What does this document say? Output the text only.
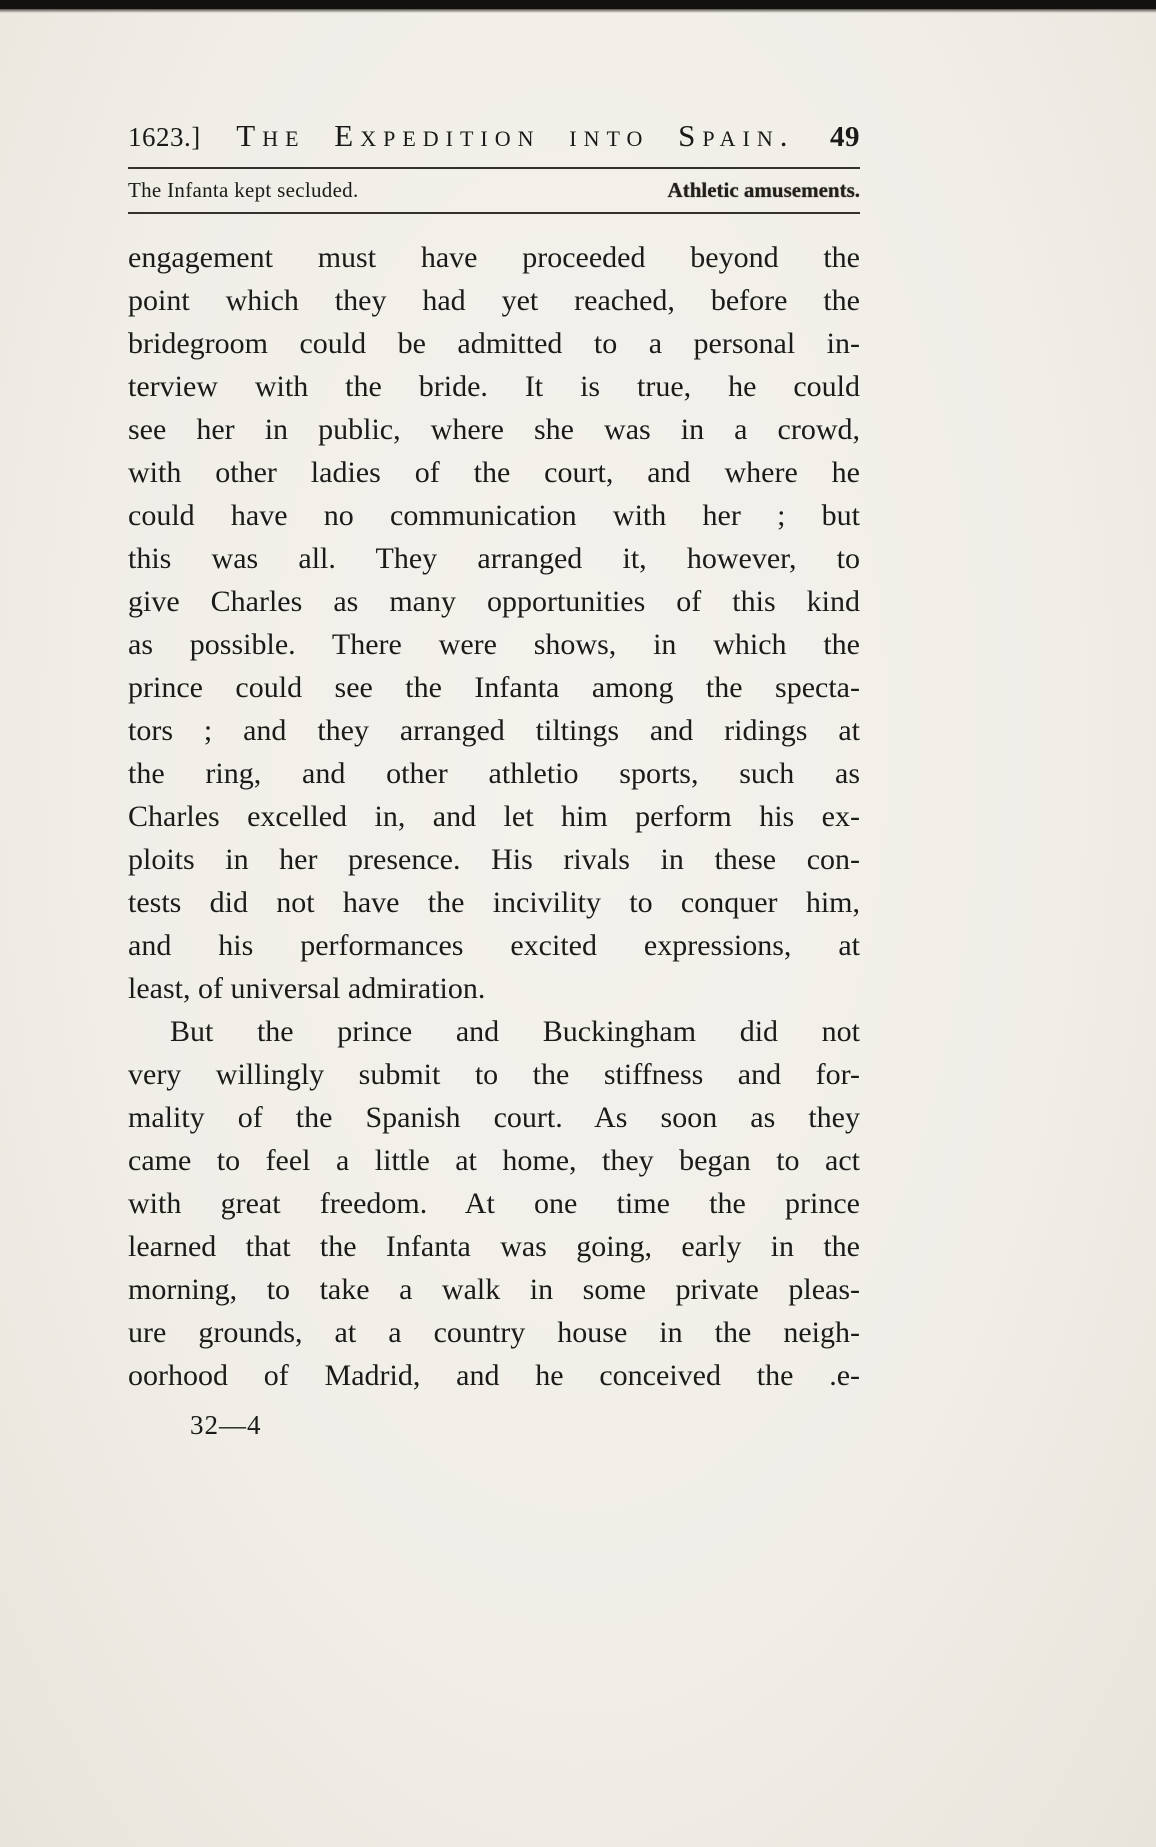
1623.]	The Expedition into Spain.	49
The Infanta kept secluded.	Athletic amusements.
engagement must have proceeded beyond the
point which they had yet reached, before the
bridegroom could be admitted to a personal in-
terview with the bride. It is true, he could
see her in public, where she was in a crowd,
with other ladies of the court, and where he
could have no communication with her ; but
this was all. They arranged it, however, to
give Charles as many opportunities of this kind
as possible. There were shows, in which the
prince could see the Infanta among the specta-
tors ; and they arranged tiltings and ridings at
the ring, and other athletio sports, such as
Charles excelled in, and let him perform his ex-
ploits in her presence. His rivals in these con-
tests did not have the incivility to conquer him,
and his performances excited expressions, at
least, of universal admiration.
But the prince and Buckingham did not
very willingly submit to the stiffness and for-
mality of the Spanish court. As soon as they
came to feel a little at home, they began to act
with great freedom. At one time the prince
learned that the Infanta was going, early in the
morning, to take a walk in some private pleas-
ure grounds, at a country house in the neigh-
oorhood of Madrid, and he conceived the .e-
32—4
